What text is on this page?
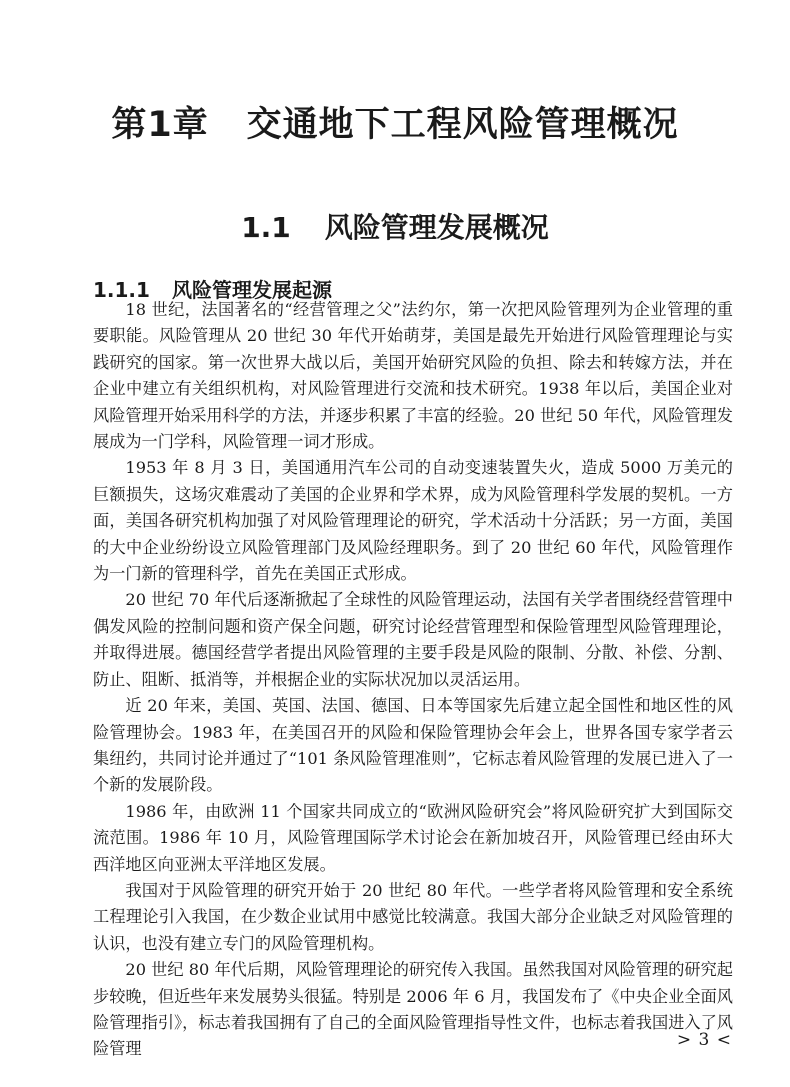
第1章 交通地下工程风险管理概况
1.1 风险管理发展概况
1.1.1 风险管理发展起源

18 世纪，法国著名的“经营管理之父”法约尔，第一次把风险管理列为企业管理的重要职能。风险管理从 20 世纪 30 年代开始萌芽，美国是最先开始进行风险管理理论与实践研究的国家。第一次世界大战以后，美国开始研究风险的负担、除去和转嫁方法，并在企业中建立有关组织机构，对风险管理进行交流和技术研究。1938 年以后，美国企业对风险管理开始采用科学的方法，并逐步积累了丰富的经验。20 世纪 50 年代，风险管理发展成为一门学科，风险管理一词才形成。

1953 年 8 月 3 日，美国通用汽车公司的自动变速装置失火，造成 5000 万美元的巨额损失，这场灾难震动了美国的企业界和学术界，成为风险管理科学发展的契机。一方面，美国各研究机构加强了对风险管理理论的研究，学术活动十分活跃；另一方面，美国的大中企业纷纷设立风险管理部门及风险经理职务。到了 20 世纪 60 年代，风险管理作为一门新的管理科学，首先在美国正式形成。

20 世纪 70 年代后逐渐掀起了全球性的风险管理运动，法国有关学者围绕经营管理中偶发风险的控制问题和资产保全问题，研究讨论经营管理型和保险管理型风险管理理论，并取得进展。德国经营学者提出风险管理的主要手段是风险的限制、分散、补偿、分割、防止、阻断、抵消等，并根据企业的实际状况加以灵活运用。

近 20 年来，美国、英国、法国、德国、日本等国家先后建立起全国性和地区性的风险管理协会。1983 年，在美国召开的风险和保险管理协会年会上，世界各国专家学者云集纽约，共同讨论并通过了“101 条风险管理准则”，它标志着风险管理的发展已进入了一个新的发展阶段。

1986 年，由欧洲 11 个国家共同成立的“欧洲风险研究会”将风险研究扩大到国际交流范围。1986 年 10 月，风险管理国际学术讨论会在新加坡召开，风险管理已经由环大西洋地区向亚洲太平洋地区发展。

我国对于风险管理的研究开始于 20 世纪 80 年代。一些学者将风险管理和安全系统工程理论引入我国，在少数企业试用中感觉比较满意。我国大部分企业缺乏对风险管理的认识，也没有建立专门的风险管理机构。

20 世纪 80 年代后期，风险管理理论的研究传入我国。虽然我国对风险管理的研究起步较晚，但近些年来发展势头很猛。特别是 2006 年 6 月，我国发布了《中央企业全面风险管理指引》，标志着我国拥有了自己的全面风险管理指导性文件，也标志着我国进入了风险管理	> 3 <
